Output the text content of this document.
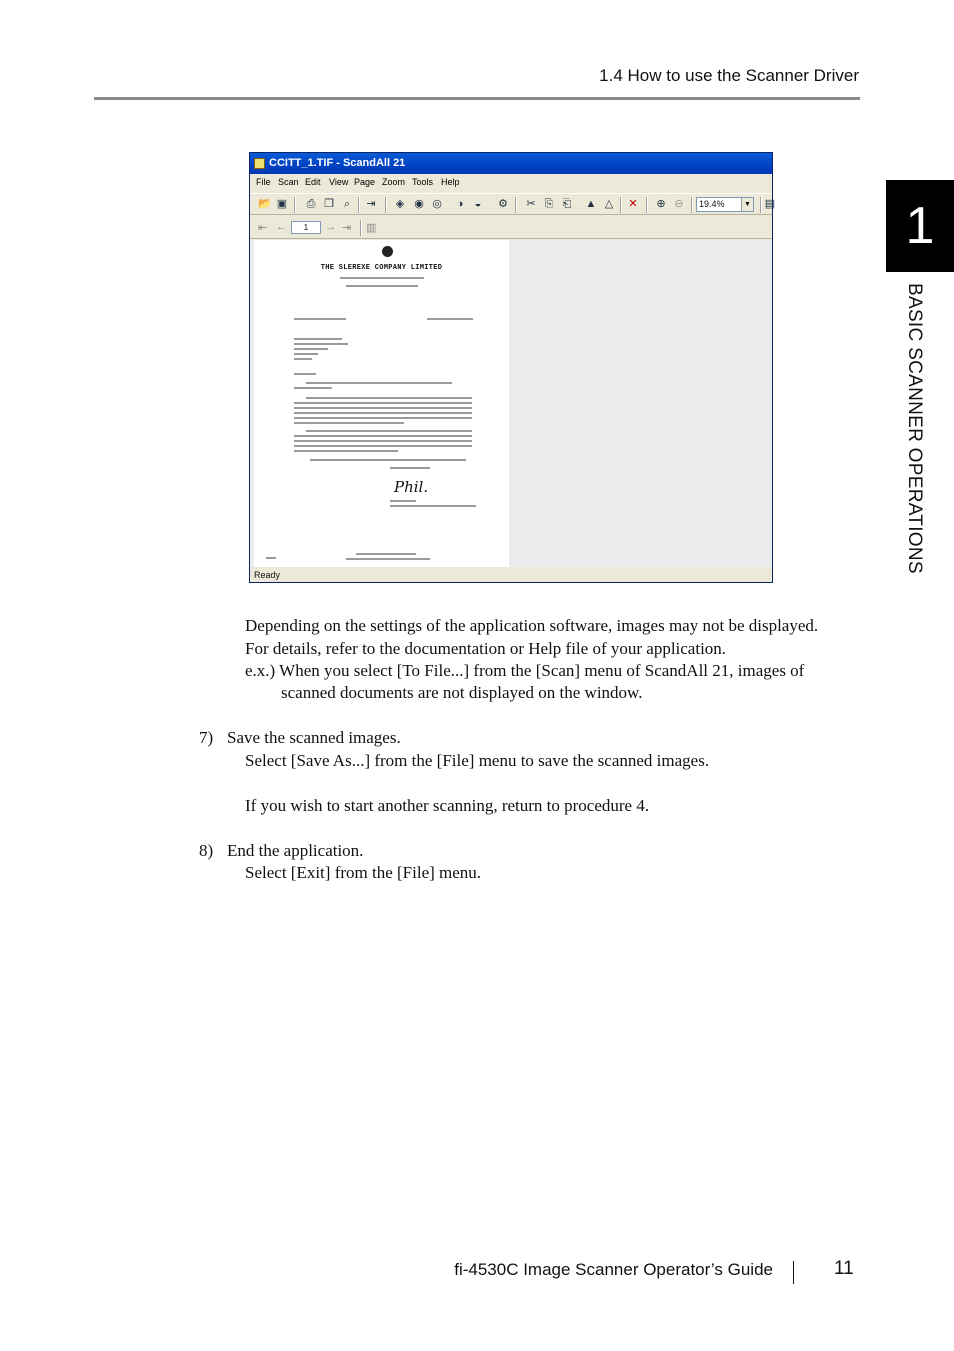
1.4 How to use the Scanner Driver
1
BASIC SCANNER OPERATIONS
CCITT_1.TIF - ScandAll 21
File Scan Edit View Page Zoom Tools Help
📂 ▣ ⎙ ❐ ⌕	⇥ ◈ ◉ ◎	◑	◒	⚙ ✂ ⎘ ⎗ ▲ △ ✕ ⊕ ⊖	19.4%	▼ ▤
⇤ ←	1	→ ⇥ ▥
THE SLEREXE COMPANY LIMITED
Phil.
Ready
Depending on the settings of the application software, images may not be displayed.
For details, refer to the documentation or Help file of your application.
e.x.) When you select [To File...] from the [Scan] menu of ScandAll 21, images of
scanned documents are not displayed on the window.
7) Save the scanned images.
Select [Save As...] from the [File] menu to save the scanned images.
If you wish to start another scanning, return to procedure 4.
8) End the application.
Select [Exit] from the [File] menu.
fi-4530C Image Scanner Operator’s Guide	11
